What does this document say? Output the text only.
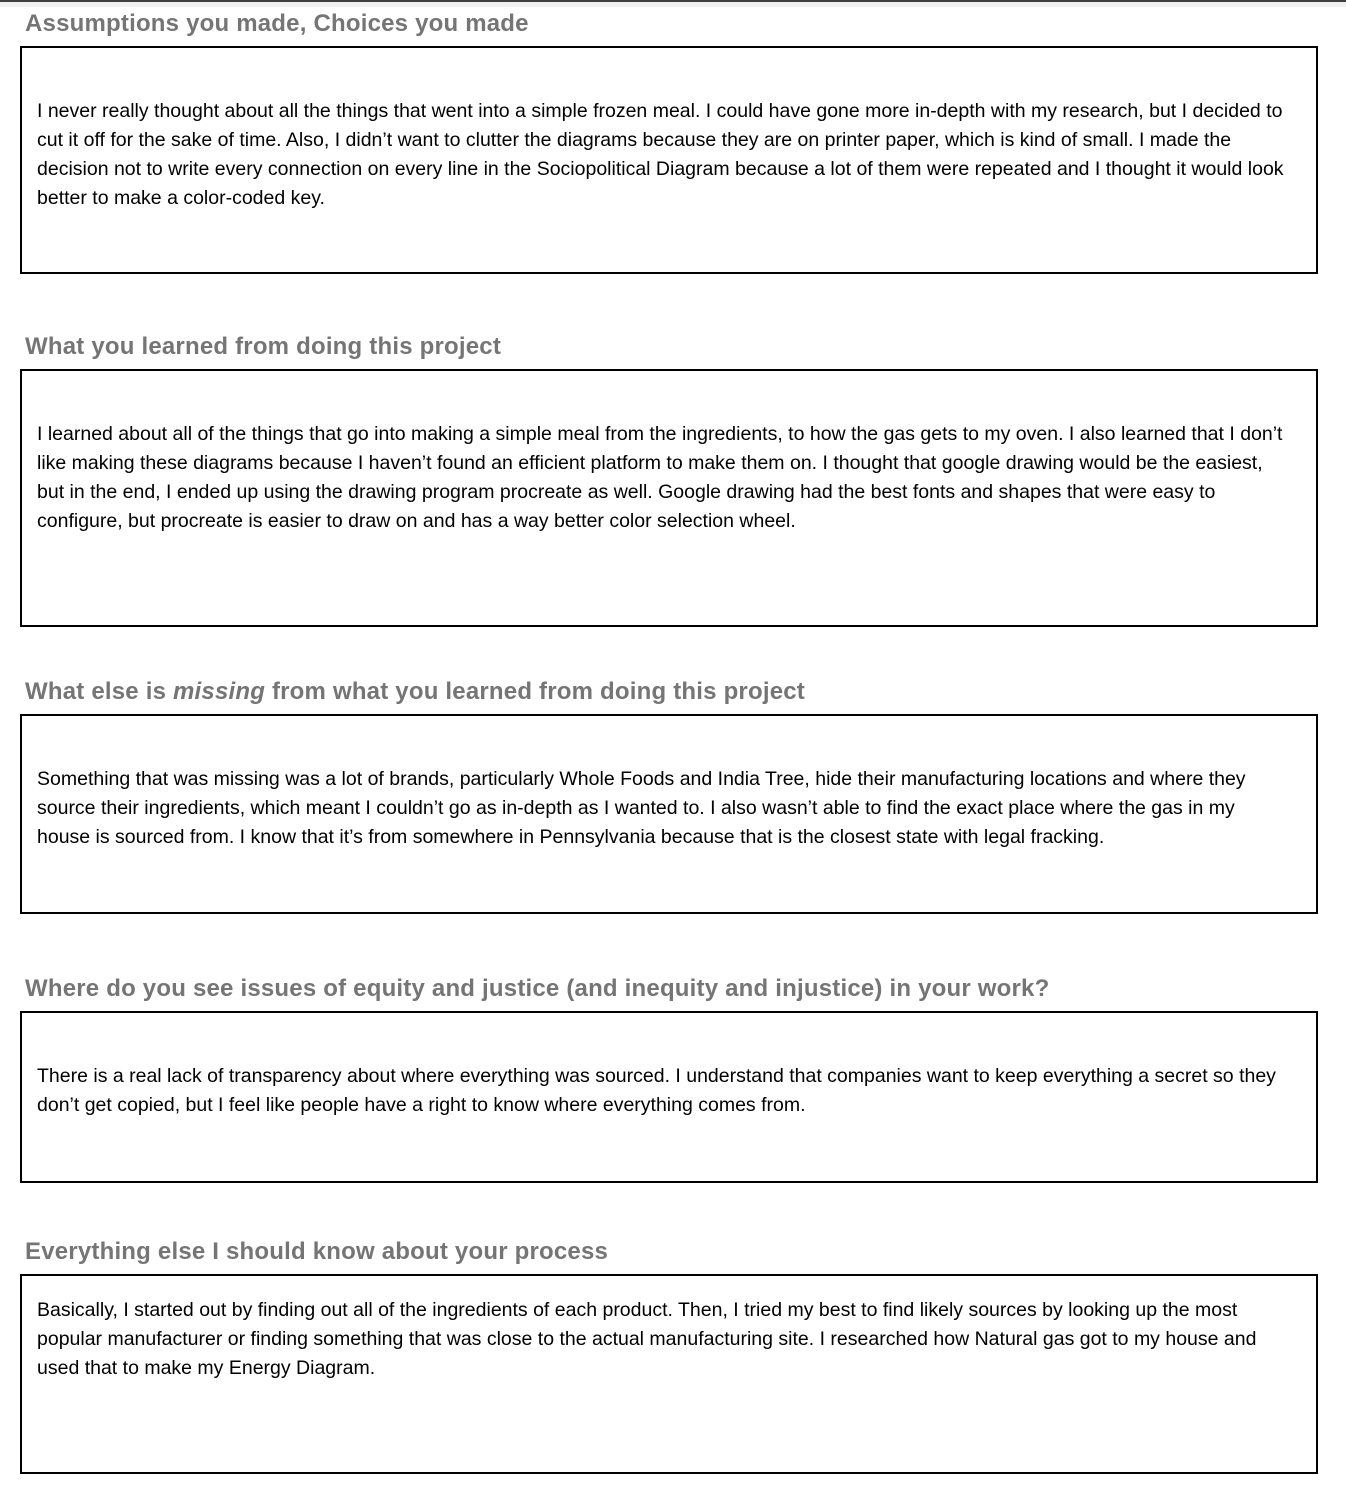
Assumptions you made, Choices you made

I never really thought about all the things that went into a simple frozen meal. I could have gone more in-depth with my research, but I decided to cut it off for the sake of time. Also, I didn’t want to clutter the diagrams because they are on printer paper, which is kind of small. I made the decision not to write every connection on every line in the Sociopolitical Diagram because a lot of them were repeated and I thought it would look better to make a color-coded key.

What you learned from doing this project

I learned about all of the things that go into making a simple meal from the ingredients, to how the gas gets to my oven. I also learned that I don’t like making these diagrams because I haven’t found an efficient platform to make them on. I thought that google drawing would be the easiest, but in the end, I ended up using the drawing program procreate as well. Google drawing had the best fonts and shapes that were easy to configure, but procreate is easier to draw on and has a way better color selection wheel.

What else is missing from what you learned from doing this project

Something that was missing was a lot of brands, particularly Whole Foods and India Tree, hide their manufacturing locations and where they source their ingredients, which meant I couldn’t go as in-depth as I wanted to. I also wasn’t able to find the exact place where the gas in my house is sourced from. I know that it’s from somewhere in Pennsylvania because that is the closest state with legal fracking.

Where do you see issues of equity and justice (and inequity and injustice) in your work?

There is a real lack of transparency about where everything was sourced. I understand that companies want to keep everything a secret so they don’t get copied, but I feel like people have a right to know where everything comes from.

Everything else I should know about your process

Basically, I started out by finding out all of the ingredients of each product. Then, I tried my best to find likely sources by looking up the most popular manufacturer or finding something that was close to the actual manufacturing site. I researched how Natural gas got to my house and used that to make my Energy Diagram.
